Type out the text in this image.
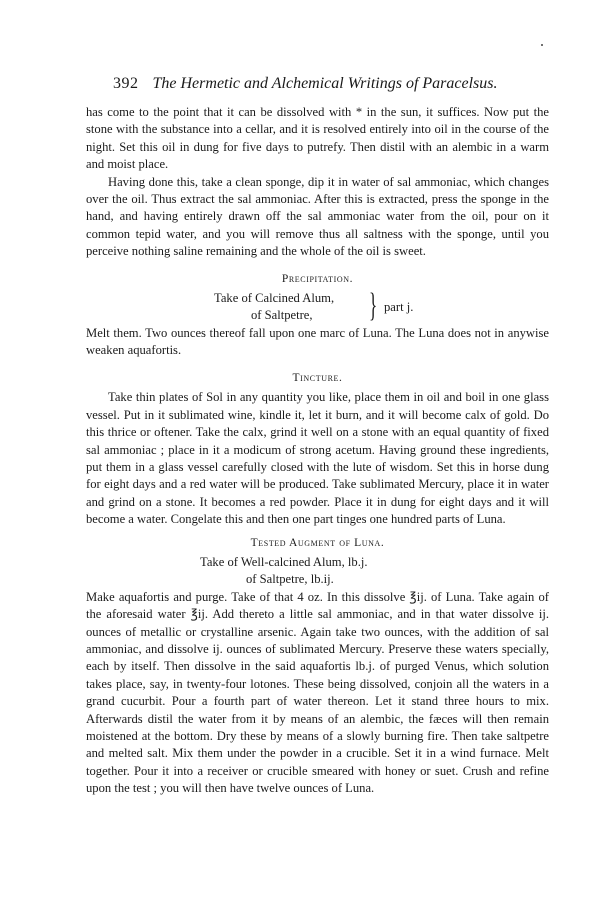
392 The Hermetic and Alchemical Writings of Paracelsus.

has come to the point that it can be dissolved with * in the sun, it suffices. Now put the stone with the substance into a cellar, and it is resolved entirely into oil in the course of the night. Set this oil in dung for five days to putrefy. Then distil with an alembic in a warm and moist place.

Having done this, take a clean sponge, dip it in water of sal ammoniac, which changes over the oil. Thus extract the sal ammoniac. After this is extracted, press the sponge in the hand, and having entirely drawn off the sal ammoniac water from the oil, pour on it common tepid water, and you will remove thus all saltness with the sponge, until you perceive nothing saline remaining and the whole of the oil is sweet.

Precipitation.
Take of Calcined Alum,
of Saltpetre, } part j.

Melt them. Two ounces thereof fall upon one marc of Luna. The Luna does not in anywise weaken aquafortis.

Tincture.

Take thin plates of Sol in any quantity you like, place them in oil and boil in one glass vessel. Put in it sublimated wine, kindle it, let it burn, and it will become calx of gold. Do this thrice or oftener. Take the calx, grind it well on a stone with an equal quantity of fixed sal ammoniac ; place in it a modicum of strong acetum. Having ground these ingredients, put them in a glass vessel carefully closed with the lute of wisdom. Set this in horse dung for eight days and a red water will be produced. Take sublimated Mercury, place it in water and grind on a stone. It becomes a red powder. Place it in dung for eight days and it will become a water. Congelate this and then one part tinges one hundred parts of Luna.

Tested Augment of Luna.
Take of Well-calcined Alum, lb.j.
of Saltpetre, lb.ij.

Make aquafortis and purge. Take of that 4 oz. In this dissolve ℥ij. of Luna. Take again of the aforesaid water ℥ij. Add thereto a little sal ammoniac, and in that water dissolve ij. ounces of metallic or crystalline arsenic. Again take two ounces, with the addition of sal ammoniac, and dissolve ij. ounces of sublimated Mercury. Preserve these waters specially, each by itself. Then dissolve in the said aquafortis lb.j. of purged Venus, which solution takes place, say, in twenty-four lotones. These being dissolved, conjoin all the waters in a grand cucurbit. Pour a fourth part of water thereon. Let it stand three hours to mix. Afterwards distil the water from it by means of an alembic, the fæces will then remain moistened at the bottom. Dry these by means of a slowly burning fire. Then take saltpetre and melted salt. Mix them under the powder in a crucible. Set it in a wind furnace. Melt together. Pour it into a receiver or crucible smeared with honey or suet. Crush and refine upon the test ; you will then have twelve ounces of Luna.
